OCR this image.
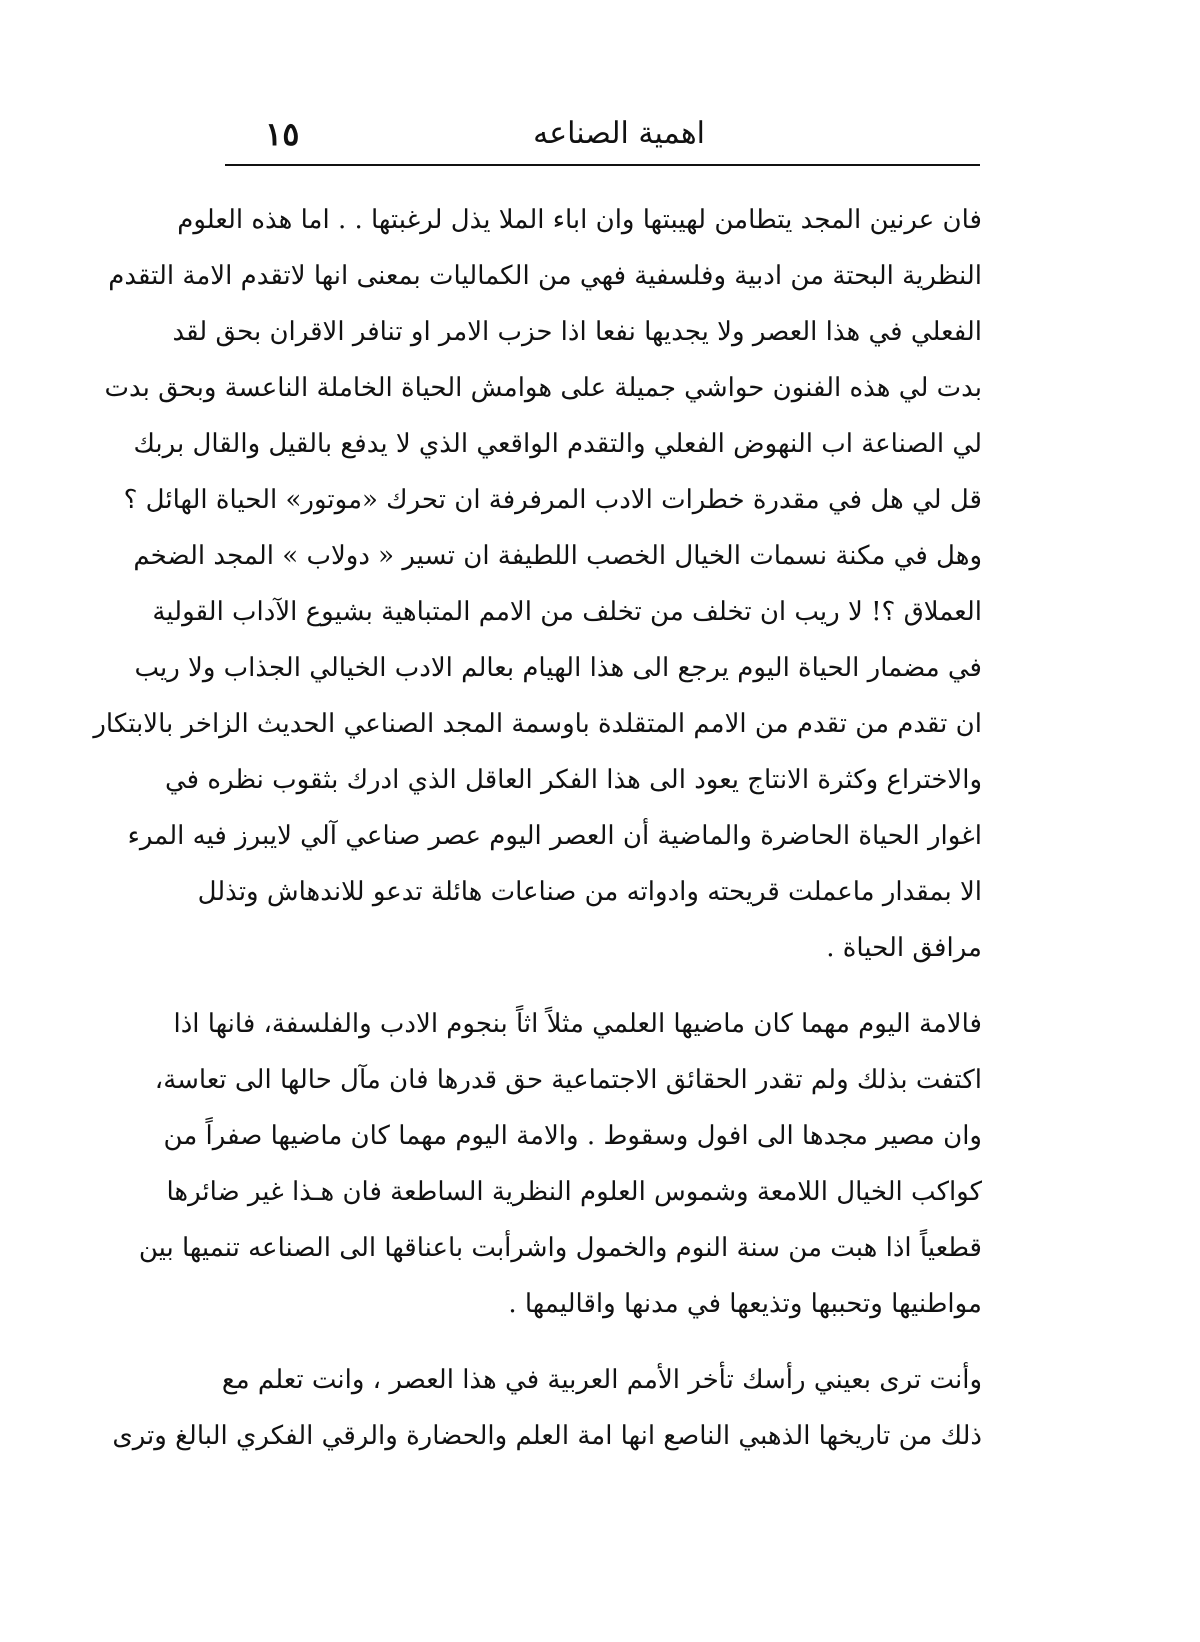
اهمية الصناعه
١٥
فان عرنين المجد يتطامن لهيبتها وان اباء الملا يذل لرغبتها . . اما هذه العلوم
النظرية البحتة من ادبية وفلسفية فهي من الكماليات بمعنى انها لاتقدم الامة التقدم
الفعلي في هذا العصر ولا يجديها نفعا اذا حزب الامر او تنافر الاقران بحق لقد
بدت لي هذه الفنون حواشي جميلة على هوامش الحياة الخاملة الناعسة وبحق بدت
لي الصناعة اب النهوض الفعلي والتقدم الواقعي الذي لا يدفع بالقيل والقال بربك
قل لي هل في مقدرة خطرات الادب المرفرفة ان تحرك «موتور» الحياة الهائل ؟
وهل في مكنة نسمات الخيال الخصب اللطيفة ان تسير « دولاب » المجد الضخم
العملاق ؟! لا ريب ان تخلف من تخلف من الامم المتباهية بشيوع الآداب القولية
في مضمار الحياة اليوم يرجع الى هذا الهيام بعالم الادب الخيالي الجذاب ولا ريب
ان تقدم من تقدم من الامم المتقلدة باوسمة المجد الصناعي الحديث الزاخر بالابتكار
والاختراع وكثرة الانتاج يعود الى هذا الفكر العاقل الذي ادرك بثقوب نظره في
اغوار الحياة الحاضرة والماضية أن العصر اليوم عصر صناعي آلي لايبرز فيه المرء
الا بمقدار ماعملت قريحته وادواته من صناعات هائلة تدعو للاندهاش وتذلل
مرافق الحياة .
فالامة اليوم مهما كان ماضيها العلمي مثلاً اثاً بنجوم الادب والفلسفة، فانها اذا
اكتفت بذلك ولم تقدر الحقائق الاجتماعية حق قدرها فان مآل حالها الى تعاسة،
وان مصير مجدها الى افول وسقوط . والامة اليوم مهما كان ماضيها صفراً من
كواكب الخيال اللامعة وشموس العلوم النظرية الساطعة فان هـذا غير ضائرها
قطعياً اذا هبت من سنة النوم والخمول واشرأبت باعناقها الى الصناعه تنميها بين
مواطنيها وتحببها وتذيعها في مدنها واقاليمها .
وأنت ترى بعيني رأسك تأخر الأمم العربية في هذا العصر ، وانت تعلم مع
ذلك من تاريخها الذهبي الناصع انها امة العلم والحضارة والرقي الفكري البالغ وترى
